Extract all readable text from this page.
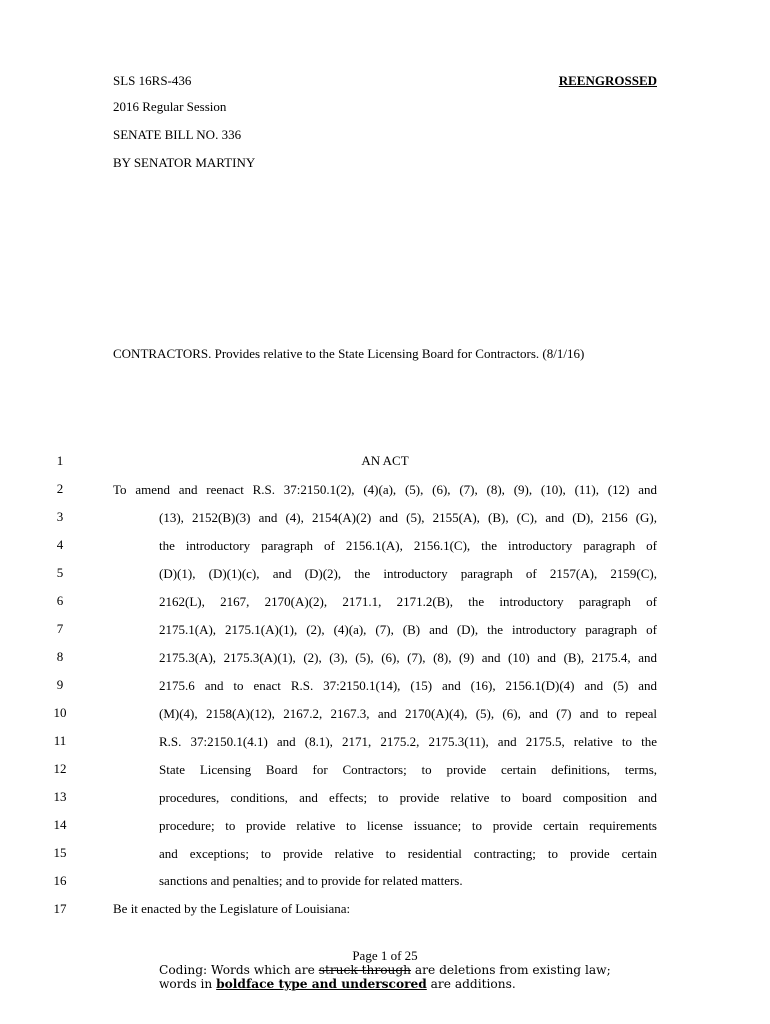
SLS 16RS-436	REENGROSSED
2016 Regular Session
SENATE BILL NO. 336
BY SENATOR MARTINY
CONTRACTORS. Provides relative to the State Licensing Board for Contractors. (8/1/16)
1	AN ACT
2	To amend and reenact R.S. 37:2150.1(2), (4)(a), (5), (6), (7), (8), (9), (10), (11), (12) and
3	(13), 2152(B)(3) and (4), 2154(A)(2) and (5), 2155(A), (B), (C), and (D), 2156 (G),
4	the introductory paragraph of 2156.1(A), 2156.1(C), the introductory paragraph of
5	(D)(1), (D)(1)(c), and (D)(2), the introductory paragraph of 2157(A), 2159(C),
6	2162(L), 2167, 2170(A)(2), 2171.1, 2171.2(B), the introductory paragraph of
7	2175.1(A), 2175.1(A)(1), (2), (4)(a), (7), (B) and (D), the introductory paragraph of
8	2175.3(A), 2175.3(A)(1), (2), (3), (5), (6), (7), (8), (9) and (10) and (B), 2175.4, and
9	2175.6 and to enact R.S. 37:2150.1(14), (15) and (16), 2156.1(D)(4) and (5) and
10	(M)(4), 2158(A)(12), 2167.2, 2167.3, and 2170(A)(4), (5), (6), and (7) and to repeal
11	R.S. 37:2150.1(4.1) and (8.1), 2171, 2175.2, 2175.3(11), and 2175.5, relative to the
12	State Licensing Board for Contractors; to provide certain definitions, terms,
13	procedures, conditions, and effects; to provide relative to board composition and
14	procedure; to provide relative to license issuance; to provide certain requirements
15	and exceptions; to provide relative to residential contracting; to provide certain
16	sanctions and penalties; and to provide for related matters.
17	Be it enacted by the Legislature of Louisiana:
Page 1 of 25
Coding: Words which are struck through are deletions from existing law;
words in boldface type and underscored are additions.
